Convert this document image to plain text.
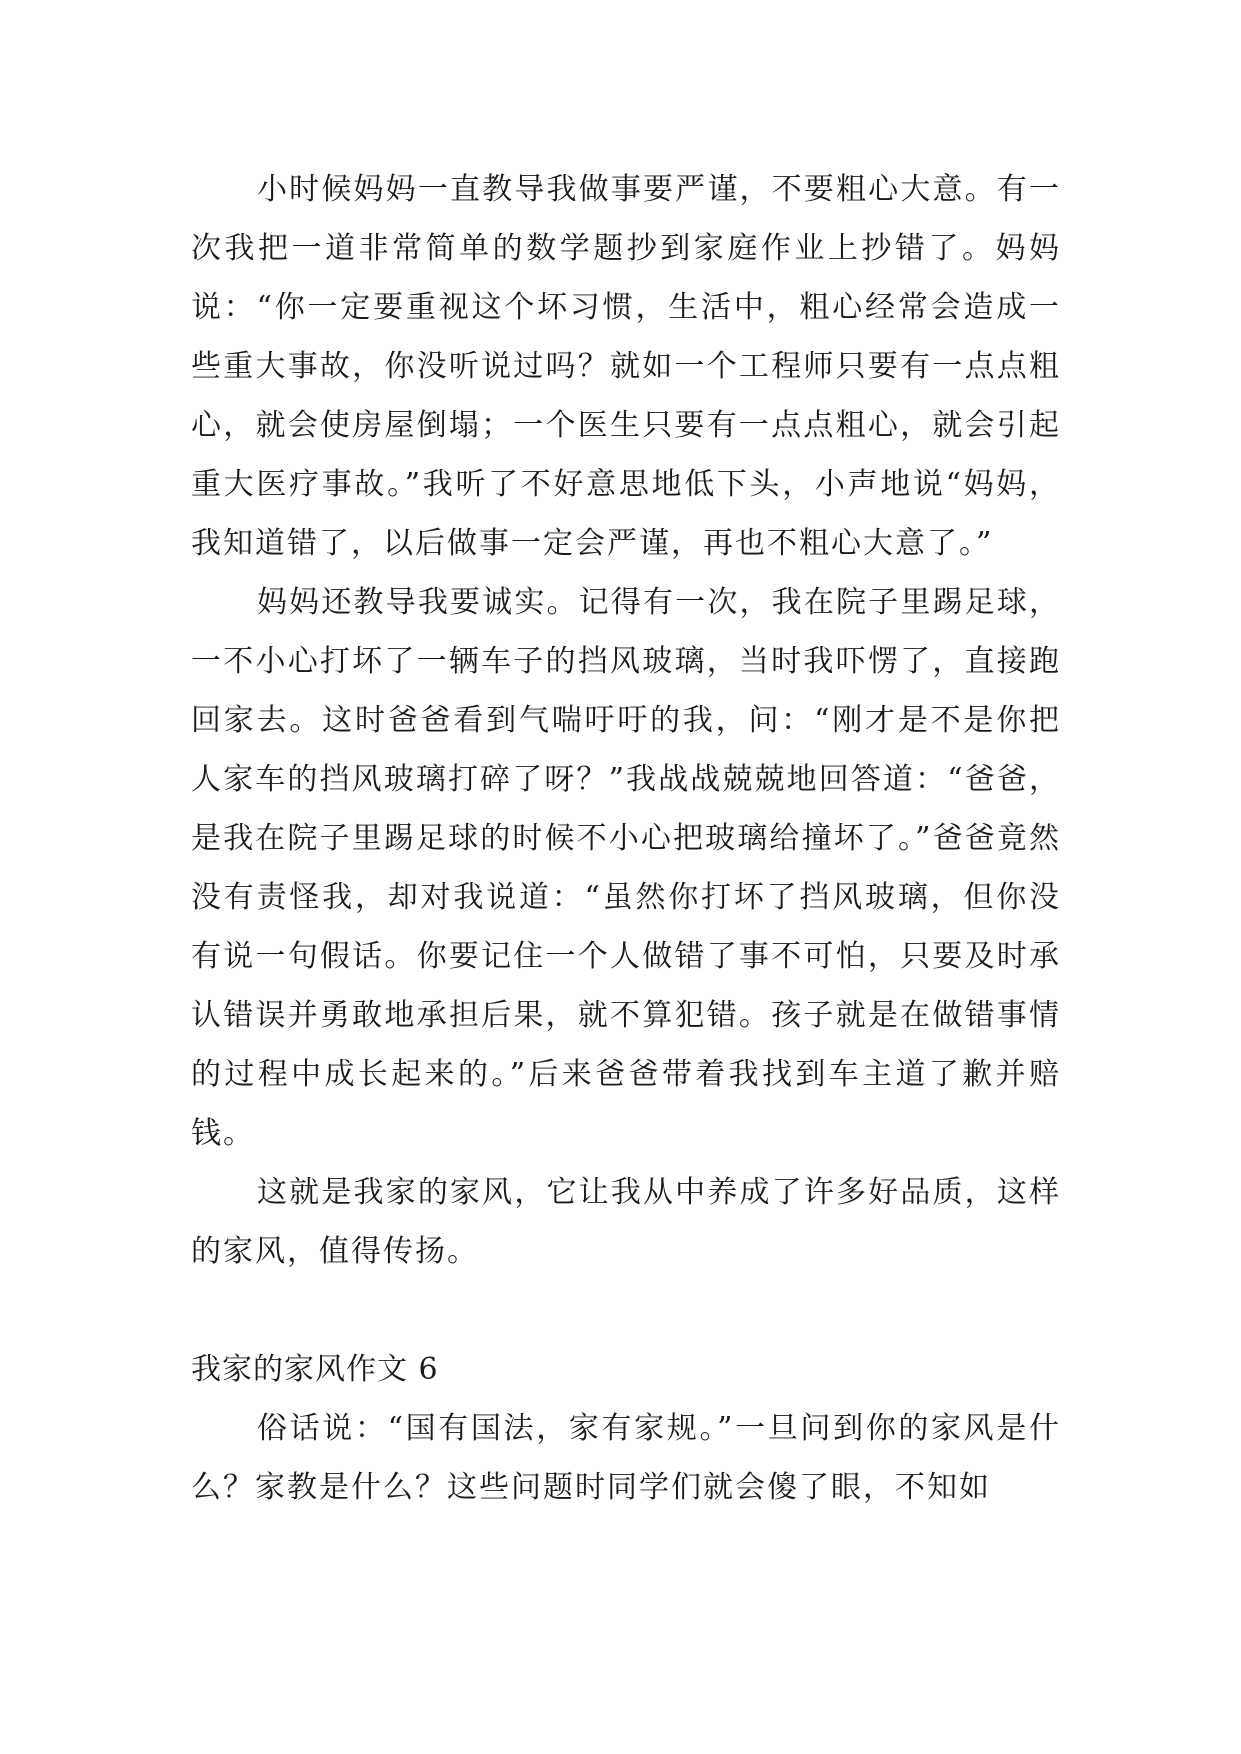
小时候妈妈一直教导我做事要严谨，不要粗心大意。有一次我把一道非常简单的数学题抄到家庭作业上抄错了。妈妈说：“你一定要重视这个坏习惯，生活中，粗心经常会造成一些重大事故，你没听说过吗？就如一个工程师只要有一点点粗心，就会使房屋倒塌；一个医生只要有一点点粗心，就会引起重大医疗事故。”我听了不好意思地低下头，小声地说“妈妈，我知道错了，以后做事一定会严谨，再也不粗心大意了。”

妈妈还教导我要诚实。记得有一次，我在院子里踢足球，一不小心打坏了一辆车子的挡风玻璃，当时我吓愣了，直接跑回家去。这时爸爸看到气喘吁吁的我，问：“刚才是不是你把人家车的挡风玻璃打碎了呀？”我战战兢兢地回答道：“爸爸，是我在院子里踢足球的时候不小心把玻璃给撞坏了。”爸爸竟然没有责怪我，却对我说道：“虽然你打坏了挡风玻璃，但你没有说一句假话。你要记住一个人做错了事不可怕，只要及时承认错误并勇敢地承担后果，就不算犯错。孩子就是在做错事情的过程中成长起来的。”后来爸爸带着我找到车主道了歉并赔钱。

这就是我家的家风，它让我从中养成了许多好品质，这样的家风，值得传扬。

我家的家风作文 6

俗话说：“国有国法，家有家规。”一旦问到你的家风是什么？家教是什么？这些问题时同学们就会傻了眼，不知如
